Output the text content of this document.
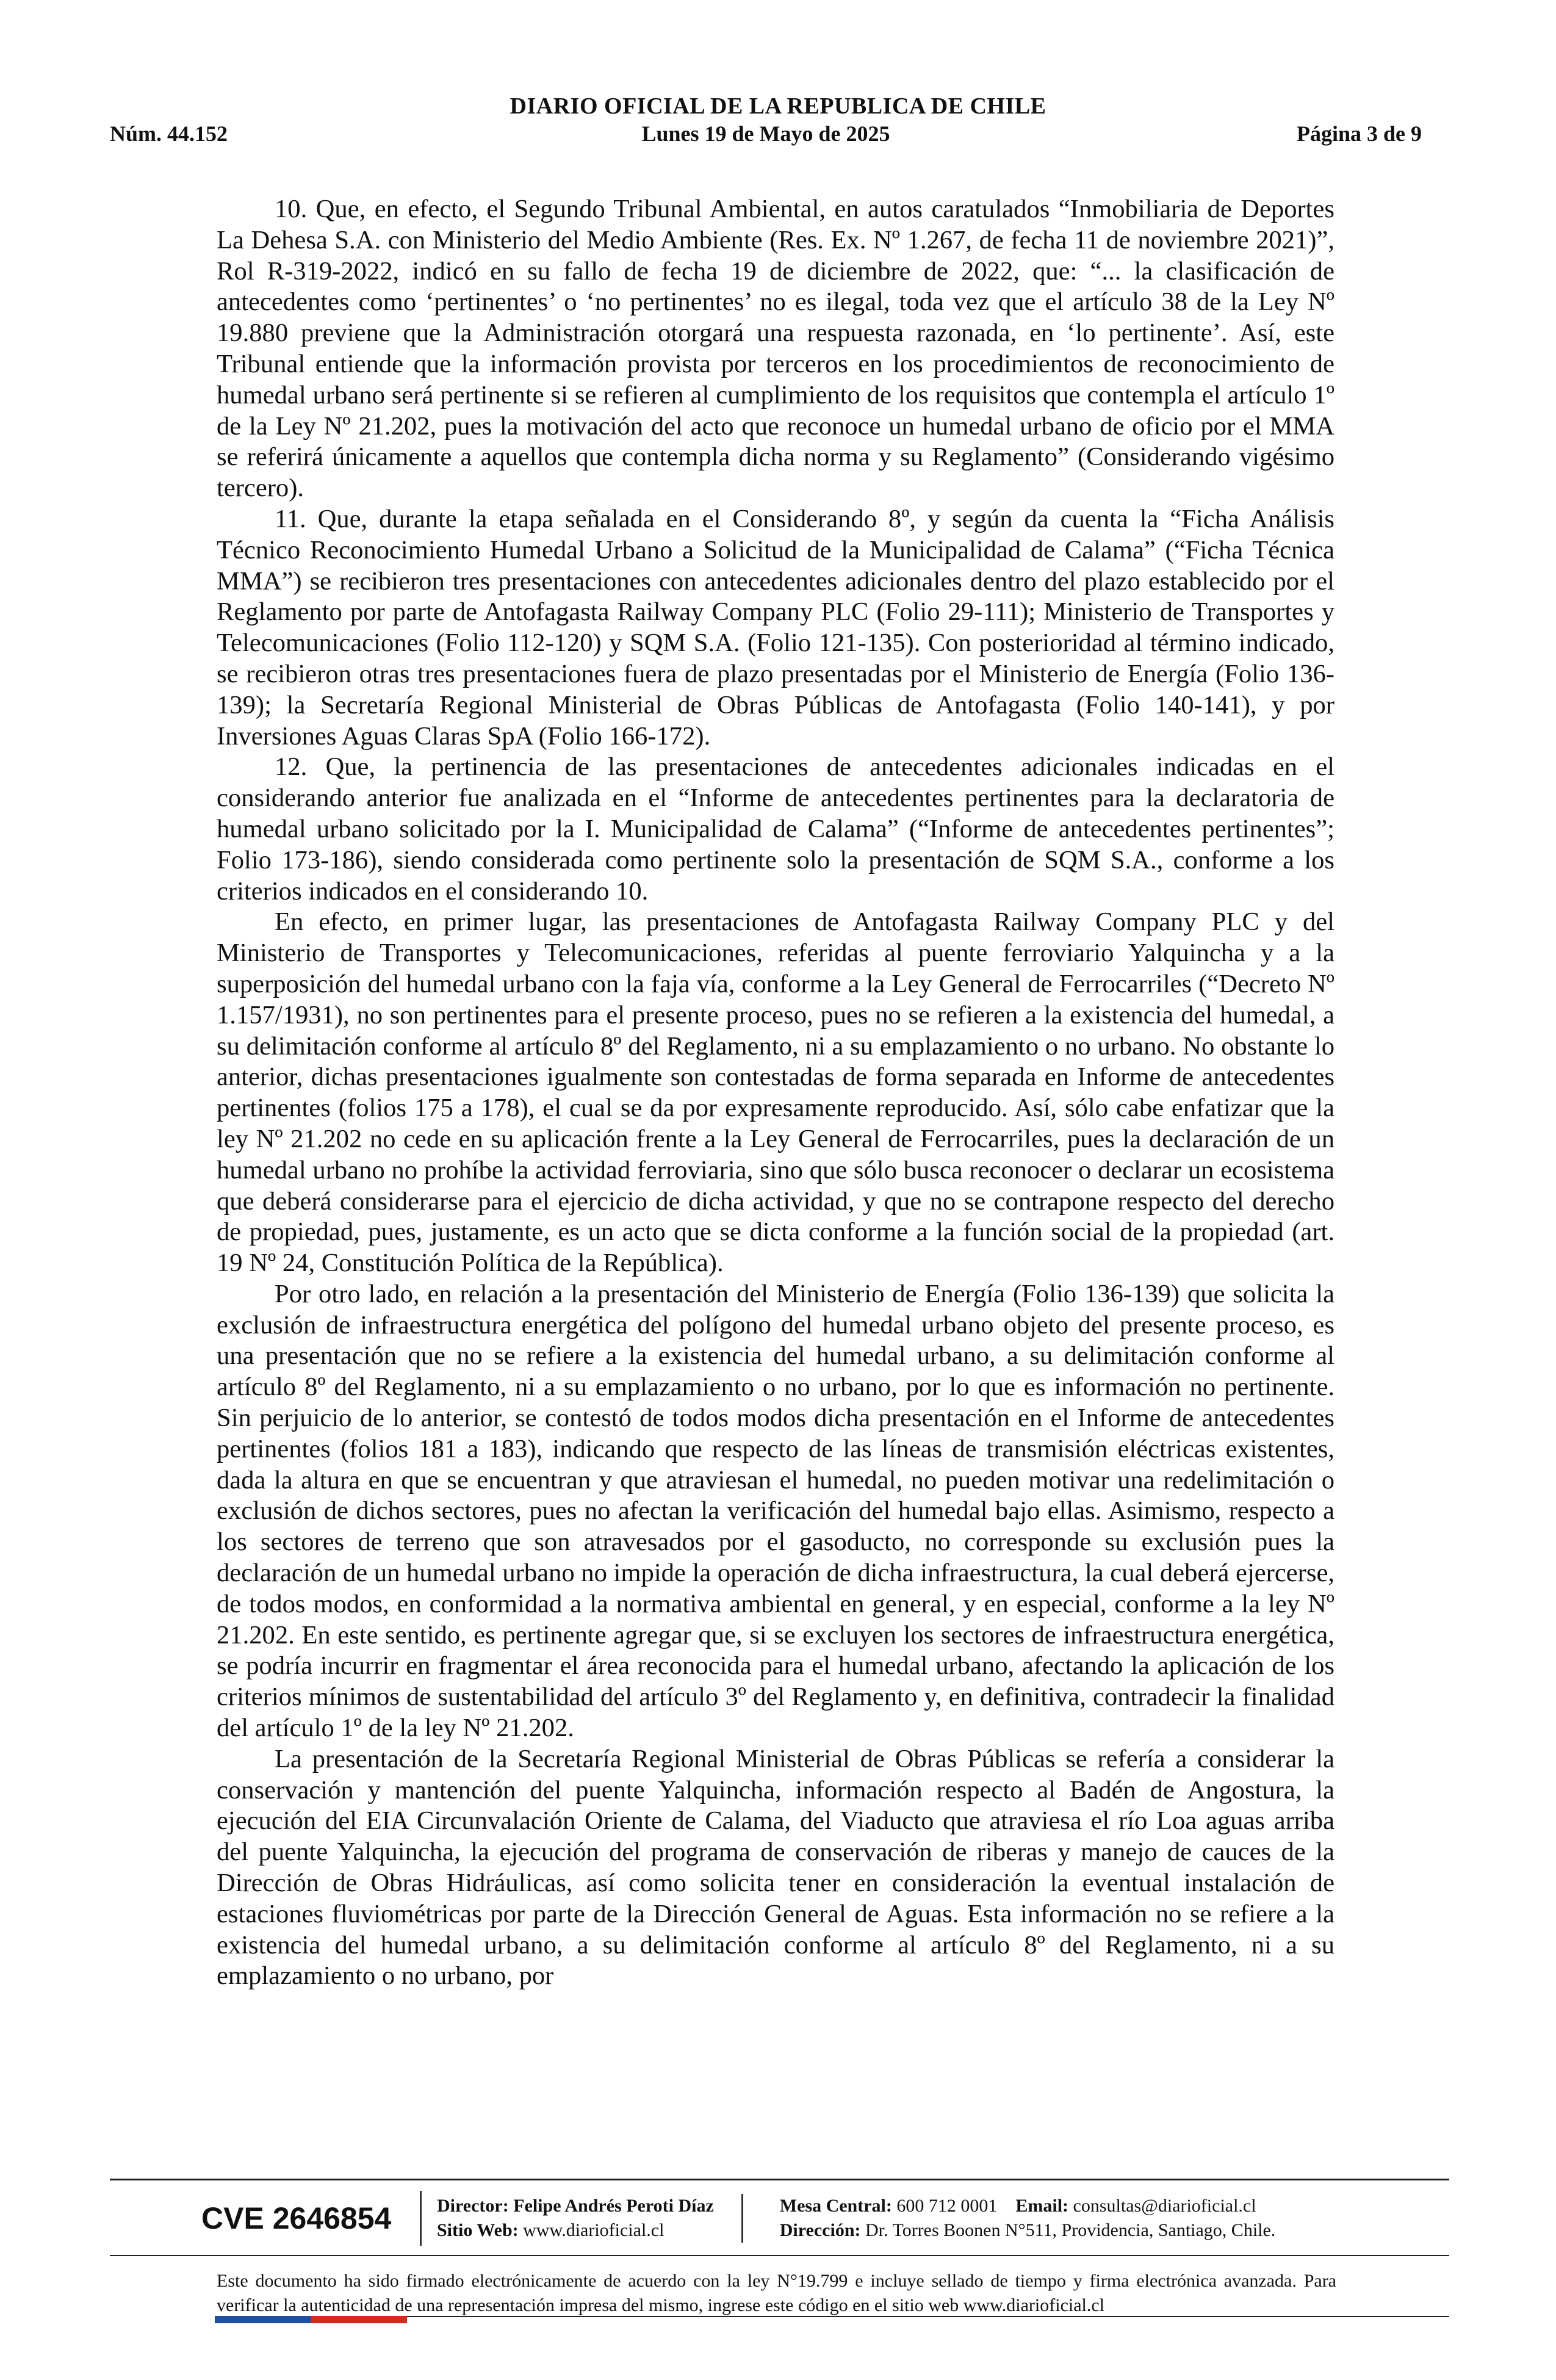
DIARIO OFICIAL DE LA REPUBLICA DE CHILE
Núm. 44.152	Lunes 19 de Mayo de 2025	Página 3 de 9

10. Que, en efecto, el Segundo Tribunal Ambiental, en autos caratulados “Inmobiliaria de Deportes La Dehesa S.A. con Ministerio del Medio Ambiente (Res. Ex. Nº 1.267, de fecha 11 de noviembre 2021)”, Rol R-319-2022, indicó en su fallo de fecha 19 de diciembre de 2022, que: “... la clasificación de antecedentes como ‘pertinentes’ o ‘no pertinentes’ no es ilegal, toda vez que el artículo 38 de la Ley Nº 19.880 previene que la Administración otorgará una respuesta razonada, en ‘lo pertinente’. Así, este Tribunal entiende que la información provista por terceros en los procedimientos de reconocimiento de humedal urbano será pertinente si se refieren al cumplimiento de los requisitos que contempla el artículo 1º de la Ley Nº 21.202, pues la motivación del acto que reconoce un humedal urbano de oficio por el MMA se referirá únicamente a aquellos que contempla dicha norma y su Reglamento” (Considerando vigésimo tercero).

11. Que, durante la etapa señalada en el Considerando 8º, y según da cuenta la “Ficha Análisis Técnico Reconocimiento Humedal Urbano a Solicitud de la Municipalidad de Calama” (“Ficha Técnica MMA”) se recibieron tres presentaciones con antecedentes adicionales dentro del plazo establecido por el Reglamento por parte de Antofagasta Railway Company PLC (Folio 29-111); Ministerio de Transportes y Telecomunicaciones (Folio 112-120) y SQM S.A. (Folio 121-135). Con posterioridad al término indicado, se recibieron otras tres presentaciones fuera de plazo presentadas por el Ministerio de Energía (Folio 136-139); la Secretaría Regional Ministerial de Obras Públicas de Antofagasta (Folio 140-141), y por Inversiones Aguas Claras SpA (Folio 166-172).

12. Que, la pertinencia de las presentaciones de antecedentes adicionales indicadas en el considerando anterior fue analizada en el “Informe de antecedentes pertinentes para la declaratoria de humedal urbano solicitado por la I. Municipalidad de Calama” (“Informe de antecedentes pertinentes”; Folio 173-186), siendo considerada como pertinente solo la presentación de SQM S.A., conforme a los criterios indicados en el considerando 10.

En efecto, en primer lugar, las presentaciones de Antofagasta Railway Company PLC y del Ministerio de Transportes y Telecomunicaciones, referidas al puente ferroviario Yalquincha y a la superposición del humedal urbano con la faja vía, conforme a la Ley General de Ferrocarriles (“Decreto Nº 1.157/1931), no son pertinentes para el presente proceso, pues no se refieren a la existencia del humedal, a su delimitación conforme al artículo 8º del Reglamento, ni a su emplazamiento o no urbano. No obstante lo anterior, dichas presentaciones igualmente son contestadas de forma separada en Informe de antecedentes pertinentes (folios 175 a 178), el cual se da por expresamente reproducido. Así, sólo cabe enfatizar que la ley Nº 21.202 no cede en su aplicación frente a la Ley General de Ferrocarriles, pues la declaración de un humedal urbano no prohíbe la actividad ferroviaria, sino que sólo busca reconocer o declarar un ecosistema que deberá considerarse para el ejercicio de dicha actividad, y que no se contrapone respecto del derecho de propiedad, pues, justamente, es un acto que se dicta conforme a la función social de la propiedad (art. 19 Nº 24, Constitución Política de la República).

Por otro lado, en relación a la presentación del Ministerio de Energía (Folio 136-139) que solicita la exclusión de infraestructura energética del polígono del humedal urbano objeto del presente proceso, es una presentación que no se refiere a la existencia del humedal urbano, a su delimitación conforme al artículo 8º del Reglamento, ni a su emplazamiento o no urbano, por lo que es información no pertinente. Sin perjuicio de lo anterior, se contestó de todos modos dicha presentación en el Informe de antecedentes pertinentes (folios 181 a 183), indicando que respecto de las líneas de transmisión eléctricas existentes, dada la altura en que se encuentran y que atraviesan el humedal, no pueden motivar una redelimitación o exclusión de dichos sectores, pues no afectan la verificación del humedal bajo ellas. Asimismo, respecto a los sectores de terreno que son atravesados por el gasoducto, no corresponde su exclusión pues la declaración de un humedal urbano no impide la operación de dicha infraestructura, la cual deberá ejercerse, de todos modos, en conformidad a la normativa ambiental en general, y en especial, conforme a la ley Nº 21.202. En este sentido, es pertinente agregar que, si se excluyen los sectores de infraestructura energética, se podría incurrir en fragmentar el área reconocida para el humedal urbano, afectando la aplicación de los criterios mínimos de sustentabilidad del artículo 3º del Reglamento y, en definitiva, contradecir la finalidad del artículo 1º de la ley Nº 21.202.

La presentación de la Secretaría Regional Ministerial de Obras Públicas se refería a considerar la conservación y mantención del puente Yalquincha, información respecto al Badén de Angostura, la ejecución del EIA Circunvalación Oriente de Calama, del Viaducto que atraviesa el río Loa aguas arriba del puente Yalquincha, la ejecución del programa de conservación de riberas y manejo de cauces de la Dirección de Obras Hidráulicas, así como solicita tener en consideración la eventual instalación de estaciones fluviométricas por parte de la Dirección General de Aguas. Esta información no se refiere a la existencia del humedal urbano, a su delimitación conforme al artículo 8º del Reglamento, ni a su emplazamiento o no urbano, por

CVE 2646854	Director: Felipe Andrés Peroti Díaz
Sitio Web: www.diarioficial.cl
Mesa Central: 600 712 0001 Email: consultas@diarioficial.cl
Dirección: Dr. Torres Boonen N°511, Providencia, Santiago, Chile.
Este documento ha sido firmado electrónicamente de acuerdo con la ley N°19.799 e incluye sellado de tiempo y firma electrónica avanzada. Para verificar la autenticidad de una representación impresa del mismo, ingrese este código en el sitio web www.diarioficial.cl
